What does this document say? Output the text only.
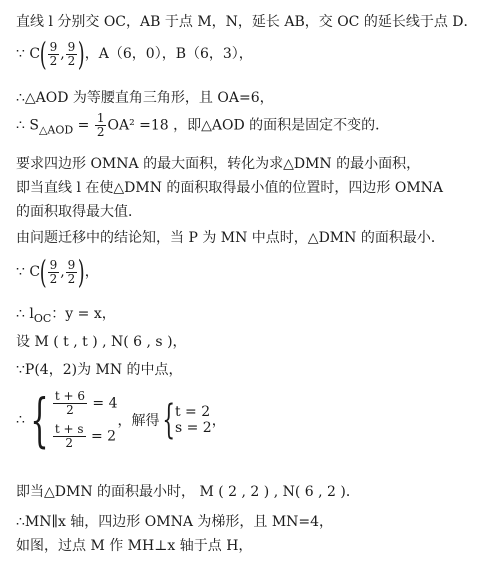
直线 l 分别交 OC，AB 于点 M，N，延长 AB，交 OC 的延长线于点 D．
∵ $C( \frac{9}{2}$ , $\frac{9}{2}$ )，A（6，0），B（6，3），
∴△AOD 为等腰直角三角形，且 OA=6，
∴ $S_{\triangle AOD} = \frac{1}{2} OA^2 =18$ ，即△AOD 的面积是固定不变的．
要求四边形 OMNA 的最大面积，转化为求△DMN 的最小面积，
即当直线 l 在使△DMN 的面积取得最小值的位置时，四边形 OMNA
的面积取得最大值．
由问题迁移中的结论知，当 P 为 MN 中点时，△DMN 的面积最小．
∵ $C( \frac{9}{2}$ , $\frac{9}{2}$ )，
∴ $l_{OC}$：y = x，
设 M ( t , t ) , N( 6 , s )，
∵P(4，2)为 MN 的中点，
∴{ $\frac{t + 6}{2} = 4$
$\frac{t + s}{2} = 2$
，解得{ t = 2
s = 2 ，
即当△DMN 的面积最小时， M ( 2 , 2 ) , N( 6 , 2 )．
∴MN∥x 轴，四边形 OMNA 为梯形，且 MN=4，
如图，过点 M 作 MH⊥x 轴于点 H，
